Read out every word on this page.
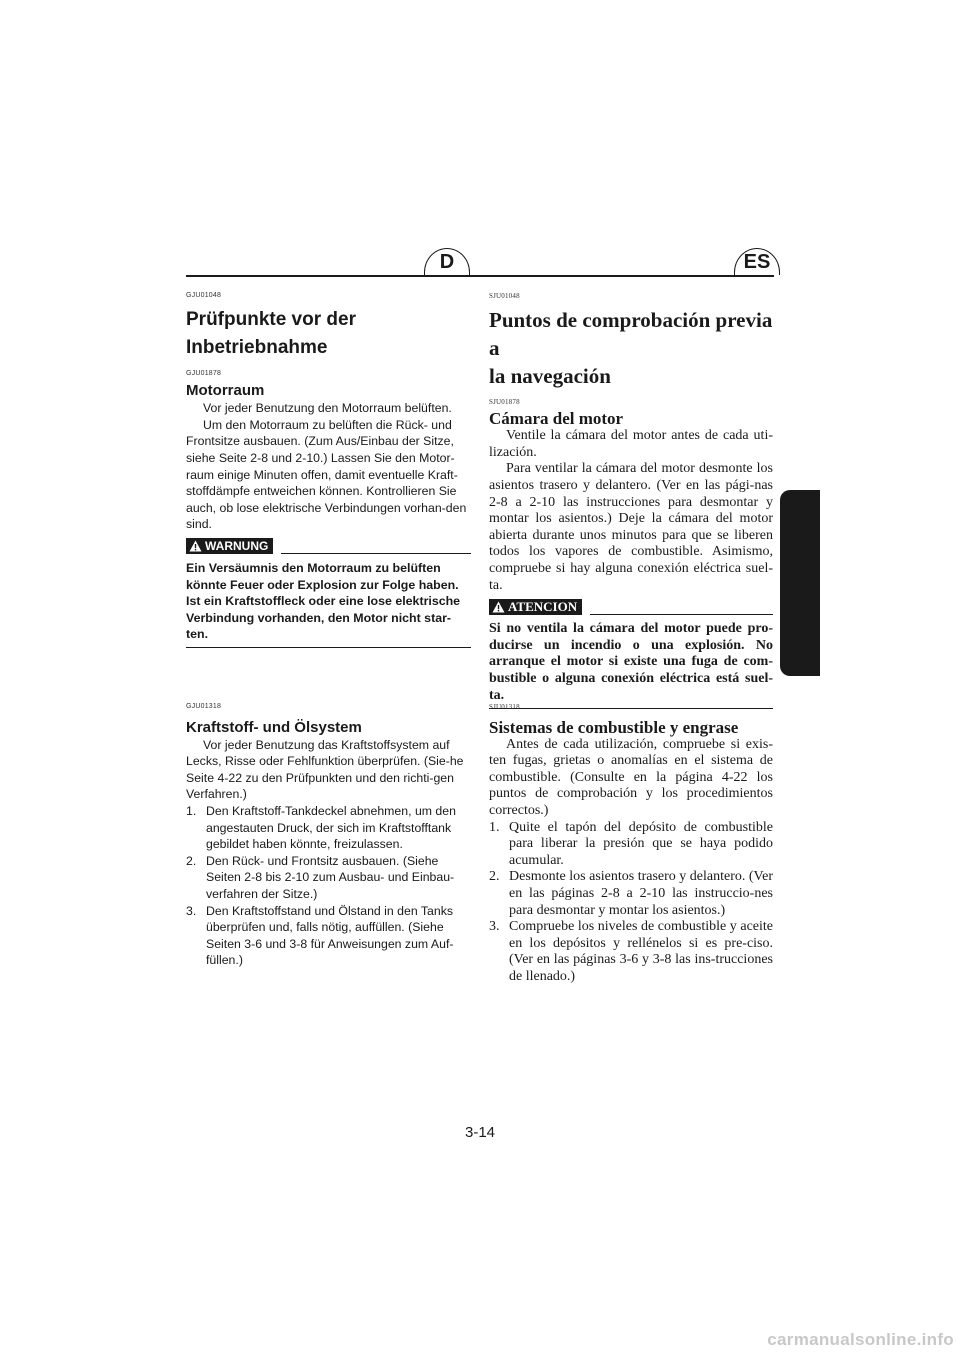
D	ES
GJU01048
Prüfpunkte vor der
Inbetriebnahme
GJU01878
Motorraum

Vor jeder Benutzung den Motorraum belüften.

Um den Motorraum zu belüften die Rück- und Frontsitze ausbauen. (Zum Aus/Einbau der Sitze, siehe Seite 2-8 und 2-10.) Lassen Sie den Motor-raum einige Minuten offen, damit eventuelle Kraft-stoffdämpfe entweichen können. Kontrollieren Sie auch, ob lose elektrische Verbindungen vorhan-den sind.

WARNUNG

Ein Versäumnis den Motorraum zu belüften könnte Feuer oder Explosion zur Folge haben. Ist ein Kraftstoffleck oder eine lose elektrische Verbindung vorhanden, den Motor nicht star-ten.

SJU01048
Puntos de comprobación previa a
la navegación
SJU01878
Cámara del motor

Ventile la cámara del motor antes de cada uti-lización.

Para ventilar la cámara del motor desmonte los asientos trasero y delantero. (Ver en las pági-nas 2-8 a 2-10 las instrucciones para desmontar y montar los asientos.) Deje la cámara del motor abierta durante unos minutos para que se liberen todos los vapores de combustible. Asimismo, compruebe si hay alguna conexión eléctrica suel-ta.

ATENCION

Si no ventila la cámara del motor puede pro-ducirse un incendio o una explosión. No arranque el motor si existe una fuga de com-bustible o alguna conexión eléctrica está suel-ta.

GJU01318
Kraftstoff- und Ölsystem

Vor jeder Benutzung das Kraftstoffsystem auf Lecks, Risse oder Fehlfunktion überprüfen. (Sie-he Seite 4-22 zu den Prüfpunkten und den richti-gen Verfahren.)

1. Den Kraftstoff-Tankdeckel abnehmen, um den angestauten Druck, der sich im Kraftstofftank gebildet haben könnte, freizulassen.
2. Den Rück- und Frontsitz ausbauen. (Siehe Seiten 2-8 bis 2-10 zum Ausbau- und Einbau-verfahren der Sitze.)
3. Den Kraftstoffstand und Ölstand in den Tanks überprüfen und, falls nötig, auffüllen. (Siehe Seiten 3-6 und 3-8 für Anweisungen zum Auf-füllen.)
SJU01318
Sistemas de combustible y engrase

Antes de cada utilización, compruebe si exis-ten fugas, grietas o anomalías en el sistema de combustible. (Consulte en la página 4-22 los puntos de comprobación y los procedimientos correctos.)

1. Quite el tapón del depósito de combustible para liberar la presión que se haya podido acumular.
2. Desmonte los asientos trasero y delantero. (Ver en las páginas 2-8 a 2-10 las instruccio-nes para desmontar y montar los asientos.)
3. Compruebe los niveles de combustible y aceite en los depósitos y rellénelos si es pre-ciso. (Ver en las páginas 3-6 y 3-8 las ins-trucciones de llenado.)
3-14
carmanualsonline.info
